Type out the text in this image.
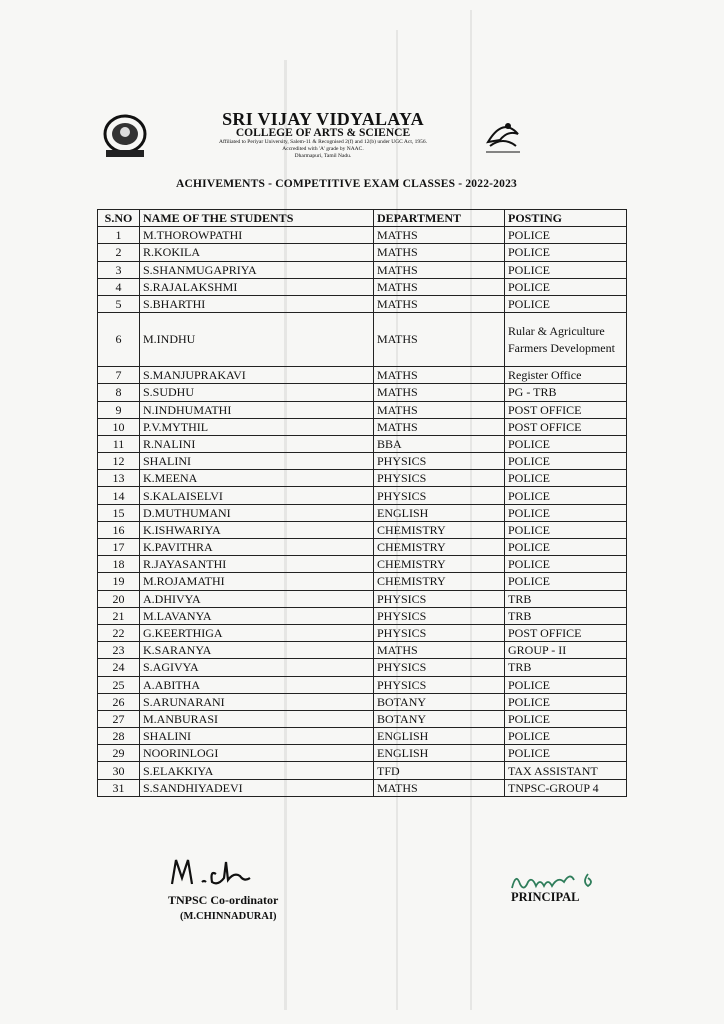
SRI VIJAY VIDYALAYA
COLLEGE OF ARTS & SCIENCE
Affiliated to Periyar University, Salem-11 & Recognised 2(f) and 12(b) under UGC Act, 1956.
Accredited with 'A' grade by NAAC.
Dharmapuri, Tamil Nadu.
ACHIVEMENTS - COMPETITIVE EXAM CLASSES - 2022-2023
S.NO	NAME OF THE STUDENTS	DEPARTMENT	POSTING
1	M.THOROWPATHI	MATHS	POLICE
2	R.KOKILA	MATHS	POLICE
3	S.SHANMUGAPRIYA	MATHS	POLICE
4	S.RAJALAKSHMI	MATHS	POLICE
5	S.BHARTHI	MATHS	POLICE
6	M.INDHU	MATHS	Rular & Agriculture Farmers Development
7	S.MANJUPRAKAVI	MATHS	Register Office
8	S.SUDHU	MATHS	PG - TRB
9	N.INDHUMATHI	MATHS	POST OFFICE
10	P.V.MYTHIL	MATHS	POST OFFICE
11	R.NALINI	BBA	POLICE
12	SHALINI	PHYSICS	POLICE
13	K.MEENA	PHYSICS	POLICE
14	S.KALAISELVI	PHYSICS	POLICE
15	D.MUTHUMANI	ENGLISH	POLICE
16	K.ISHWARIYA	CHEMISTRY	POLICE
17	K.PAVITHRA	CHEMISTRY	POLICE
18	R.JAYASANTHI	CHEMISTRY	POLICE
19	M.ROJAMATHI	CHEMISTRY	POLICE
20	A.DHIVYA	PHYSICS	TRB
21	M.LAVANYA	PHYSICS	TRB
22	G.KEERTHIGA	PHYSICS	POST OFFICE
23	K.SARANYA	MATHS	GROUP - II
24	S.AGIVYA	PHYSICS	TRB
25	A.ABITHA	PHYSICS	POLICE
26	S.ARUNARANI	BOTANY	POLICE
27	M.ANBURASI	BOTANY	POLICE
28	SHALINI	ENGLISH	POLICE
29	NOORINLOGI	ENGLISH	POLICE
30	S.ELAKKIYA	TFD	TAX ASSISTANT
31	S.SANDHIYADEVI	MATHS	TNPSC-GROUP 4
TNPSC Co-ordinator
(M.CHINNADURAI)
PRINCIPAL
